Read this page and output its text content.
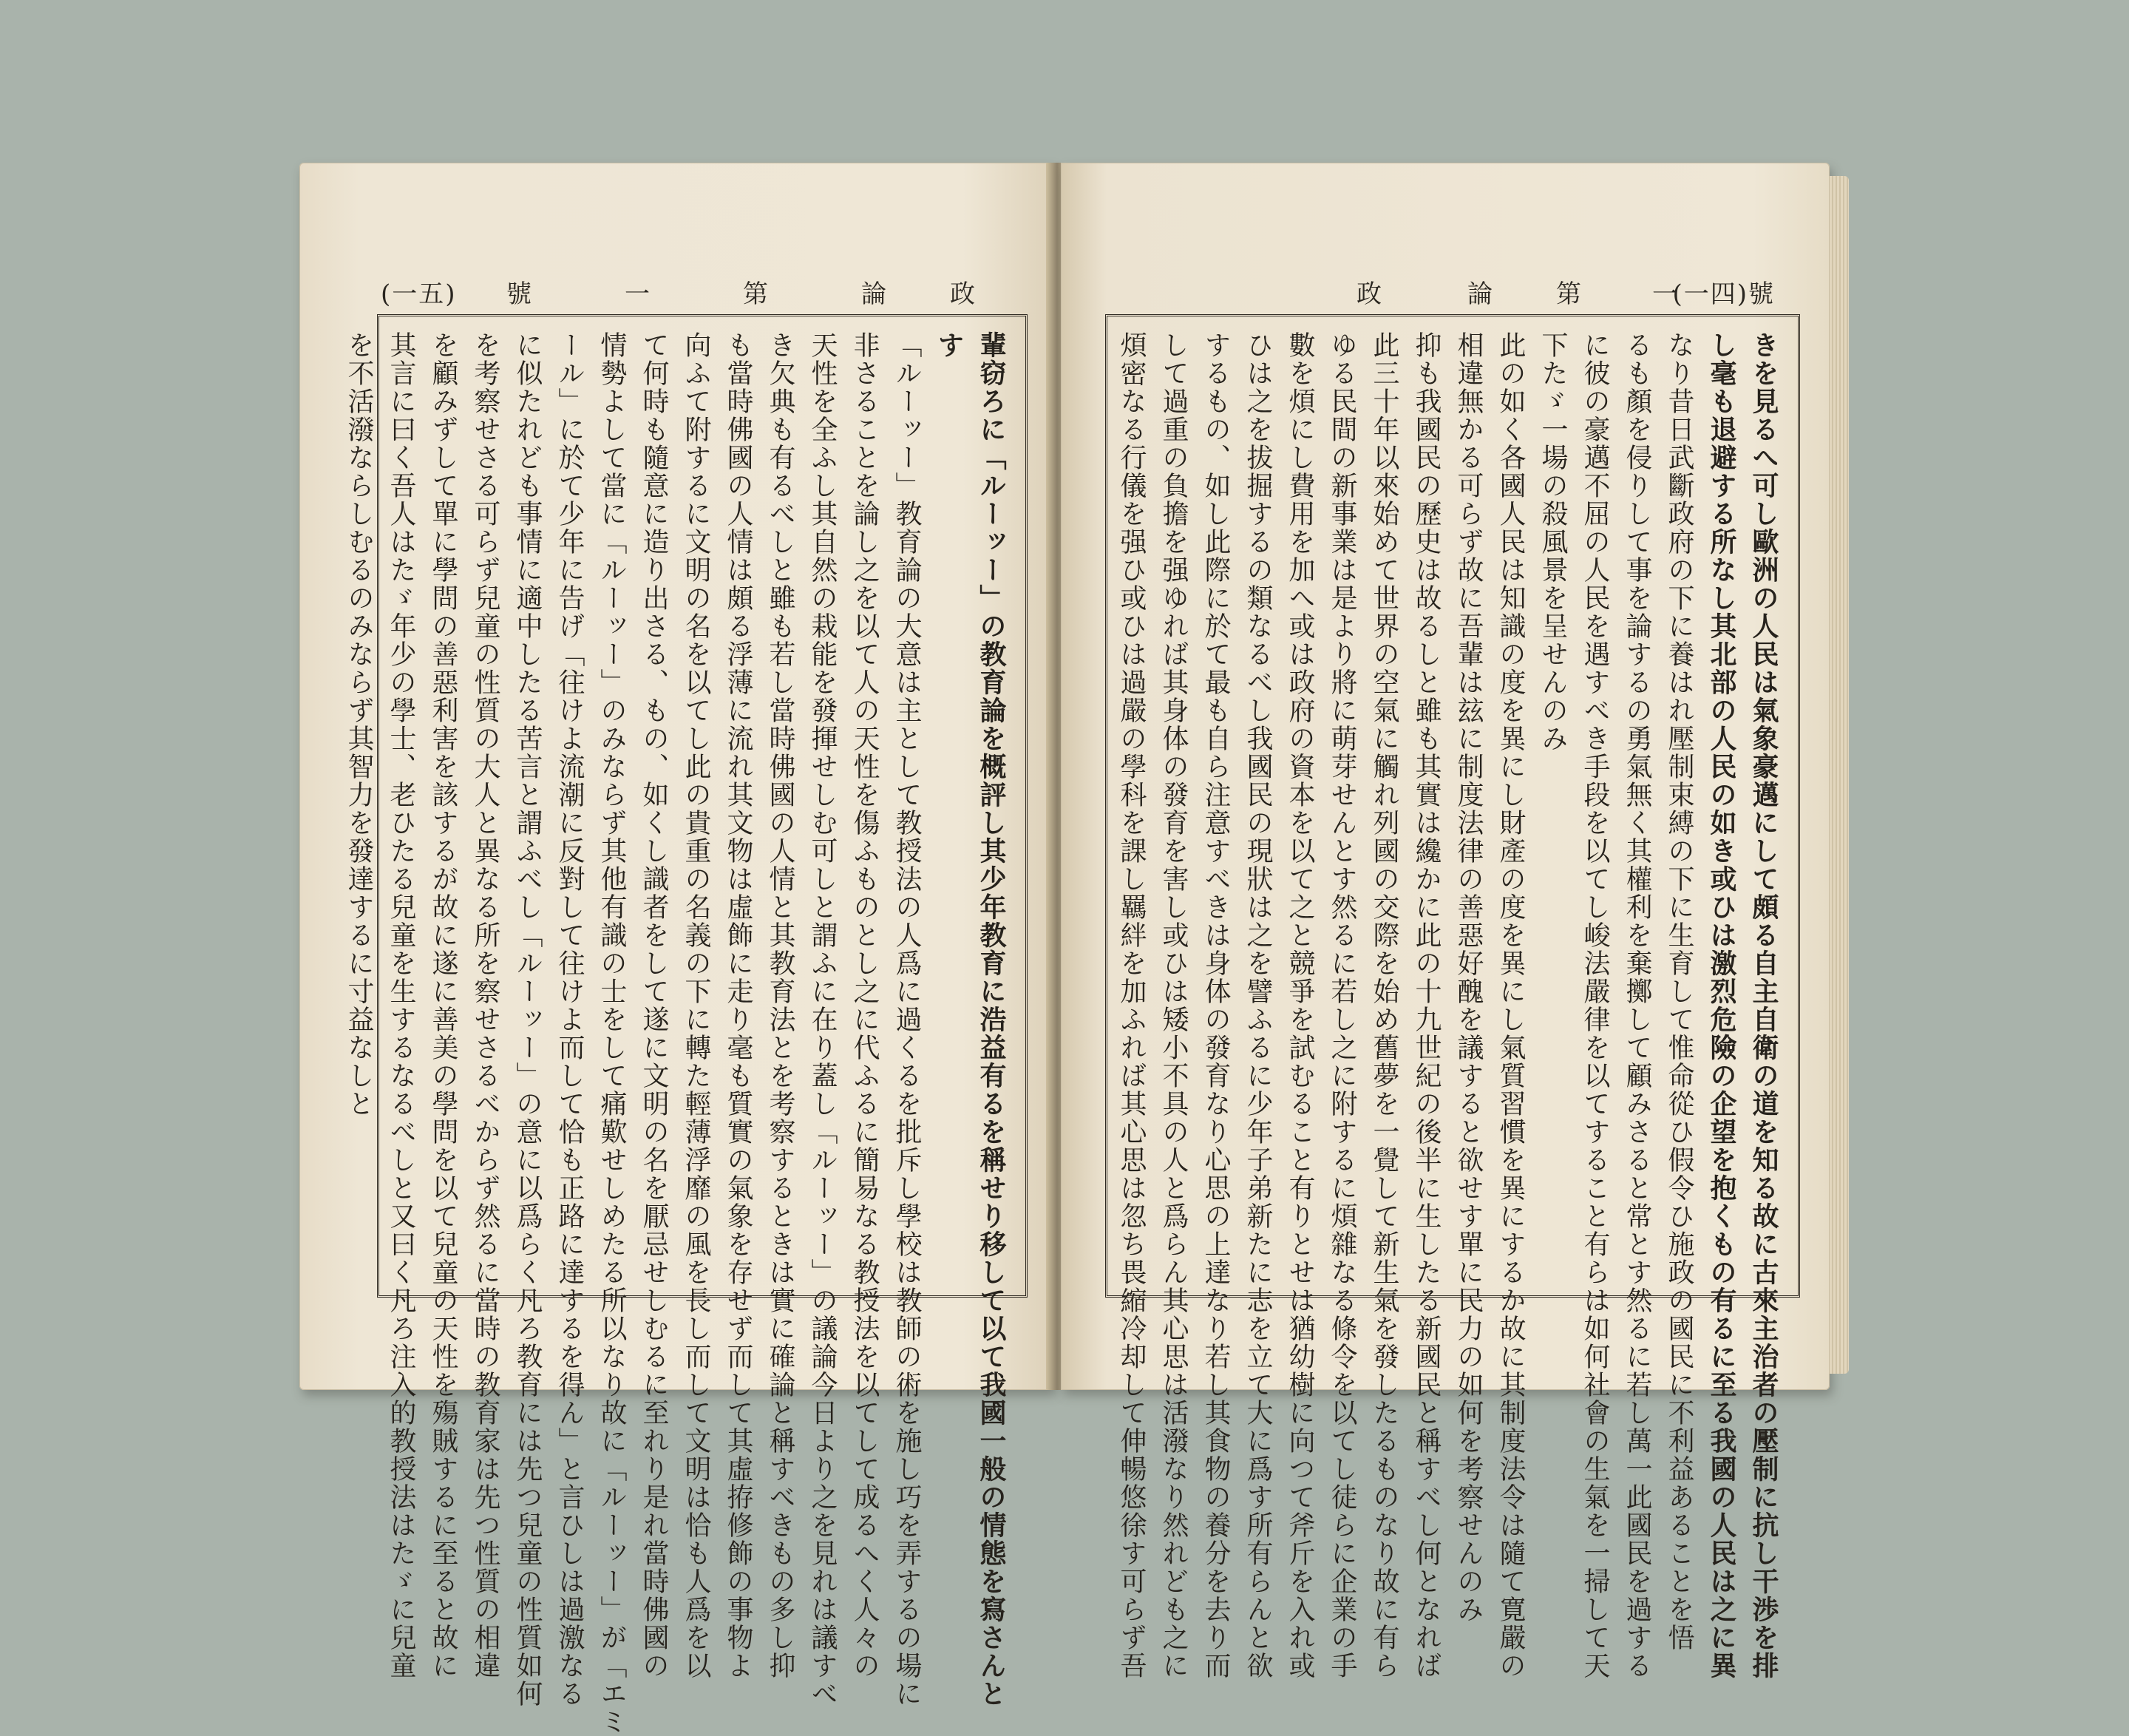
(一五) 號	一	第	論 政
輩窃ろに「ルーッー」の教育論を概評し其少年教育に浩益有るを稱せり移して以て我國一般の情態を寫さんと
す
「ルーッー」教育論の大意は主として教授法の人爲に過くるを批斥し學校は教師の術を施し巧を弄するの場に
非さることを論し之を以て人の天性を傷ふものとし之に代ふるに簡易なる教授法を以てして成るへく人々の
天性を全ふし其自然の栽能を發揮せしむ可しと謂ふに在り蓋し「ルーッー」の議論今日より之を見れは議すべ
き欠典も有るべしと雖も若し當時佛國の人情と其教育法とを考察するときは實に確論と稱すべきもの多し抑
も當時佛國の人情は頗る浮薄に流れ其文物は虛飾に走り毫も質實の氣象を存せず而して其虛拵修飾の事物よ
向ふて附するに文明の名を以てし此の貴重の名義の下に轉た輕薄浮靡の風を長し而して文明は恰も人爲を以
て何時も隨意に造り出さる、もの、如くし識者をして遂に文明の名を厭忌せしむるに至れり是れ當時佛國の
情勢よして當に「ルーッー」のみならず其他有識の士をして痛歎せしめたる所以なり故に「ルーッー」が「エミ
ール」に於て少年に告げ「往けよ流潮に反對して往けよ而して恰も正路に達するを得ん」と言ひしは過激なる
に似たれども事情に適中したる苦言と謂ふべし「ルーッー」の意に以爲らく凡ろ教育には先つ兒童の性質如何
を考察せさる可らず兒童の性質の大人と異なる所を察せさるべからず然るに當時の教育家は先つ性質の相違
を顧みずして單に學問の善惡利害を該するが故に遂に善美の學問を以て兒童の天性を殤賊するに至ると故に
其言に曰く吾人はたゞ年少の學士、老ひたる兒童を生するなるべしと又曰く凡ろ注入的教授法はたゞに兒童
を不活潑ならしむるのみならず其智力を發達するに寸益なしと
政	論 第	一	號
(一四)
きを見るへ可し歐洲の人民は氣象豪邁にして頗る自主自衛の道を知る故に古來主治者の壓制に抗し干渉を排
し毫も退避する所なし其北部の人民の如き或ひは激烈危險の企望を抱くもの有るに至る我國の人民は之に異
なり昔日武斷政府の下に養はれ壓制束縛の下に生育して惟命從ひ假令ひ施政の國民に不利益あることを悟
るも顏を侵りして事を論するの勇氣無く其權利を棄擲して顧みさると常とす然るに若し萬一此國民を過する
に彼の豪邁不屈の人民を遇すべき手段を以てし峻法嚴律を以てすること有らは如何社會の生氣を一掃して天
下たゞ一場の殺風景を呈せんのみ
此の如く各國人民は知識の度を異にし財產の度を異にし氣質習慣を異にするか故に其制度法令は隨て寛嚴の
相違無かる可らず故に吾輩は玆に制度法律の善惡好醜を議すると欲せす單に民力の如何を考察せんのみ
抑も我國民の歷史は故るしと雖も其實は纔かに此の十九世紀の後半に生したる新國民と稱すべし何となれば
此三十年以來始めて世界の空氣に觸れ列國の交際を始め舊夢を一覺して新生氣を發したるものなり故に有ら
ゆる民間の新事業は是より將に萌芽せんとす然るに若し之に附するに煩雜なる條令を以てし徒らに企業の手
數を煩にし費用を加へ或は政府の資本を以て之と競爭を試むること有りとせは猶幼樹に向つて斧斤を入れ或
ひは之を拔掘するの類なるべし我國民の現狀は之を譬ふるに少年子弟新たに志を立て大に爲す所有らんと欲
するもの、如し此際に於て最も自ら注意すべきは身体の發育なり心思の上達なり若し其食物の養分を去り而
して過重の負擔を强ゆれば其身体の發育を害し或ひは矮小不具の人と爲らん其心思は活潑なり然れども之に
煩密なる行儀を强ひ或ひは過嚴の學科を課し羈絆を加ふれば其心思は忽ち畏縮冷却して伸暢悠徐す可らず吾
